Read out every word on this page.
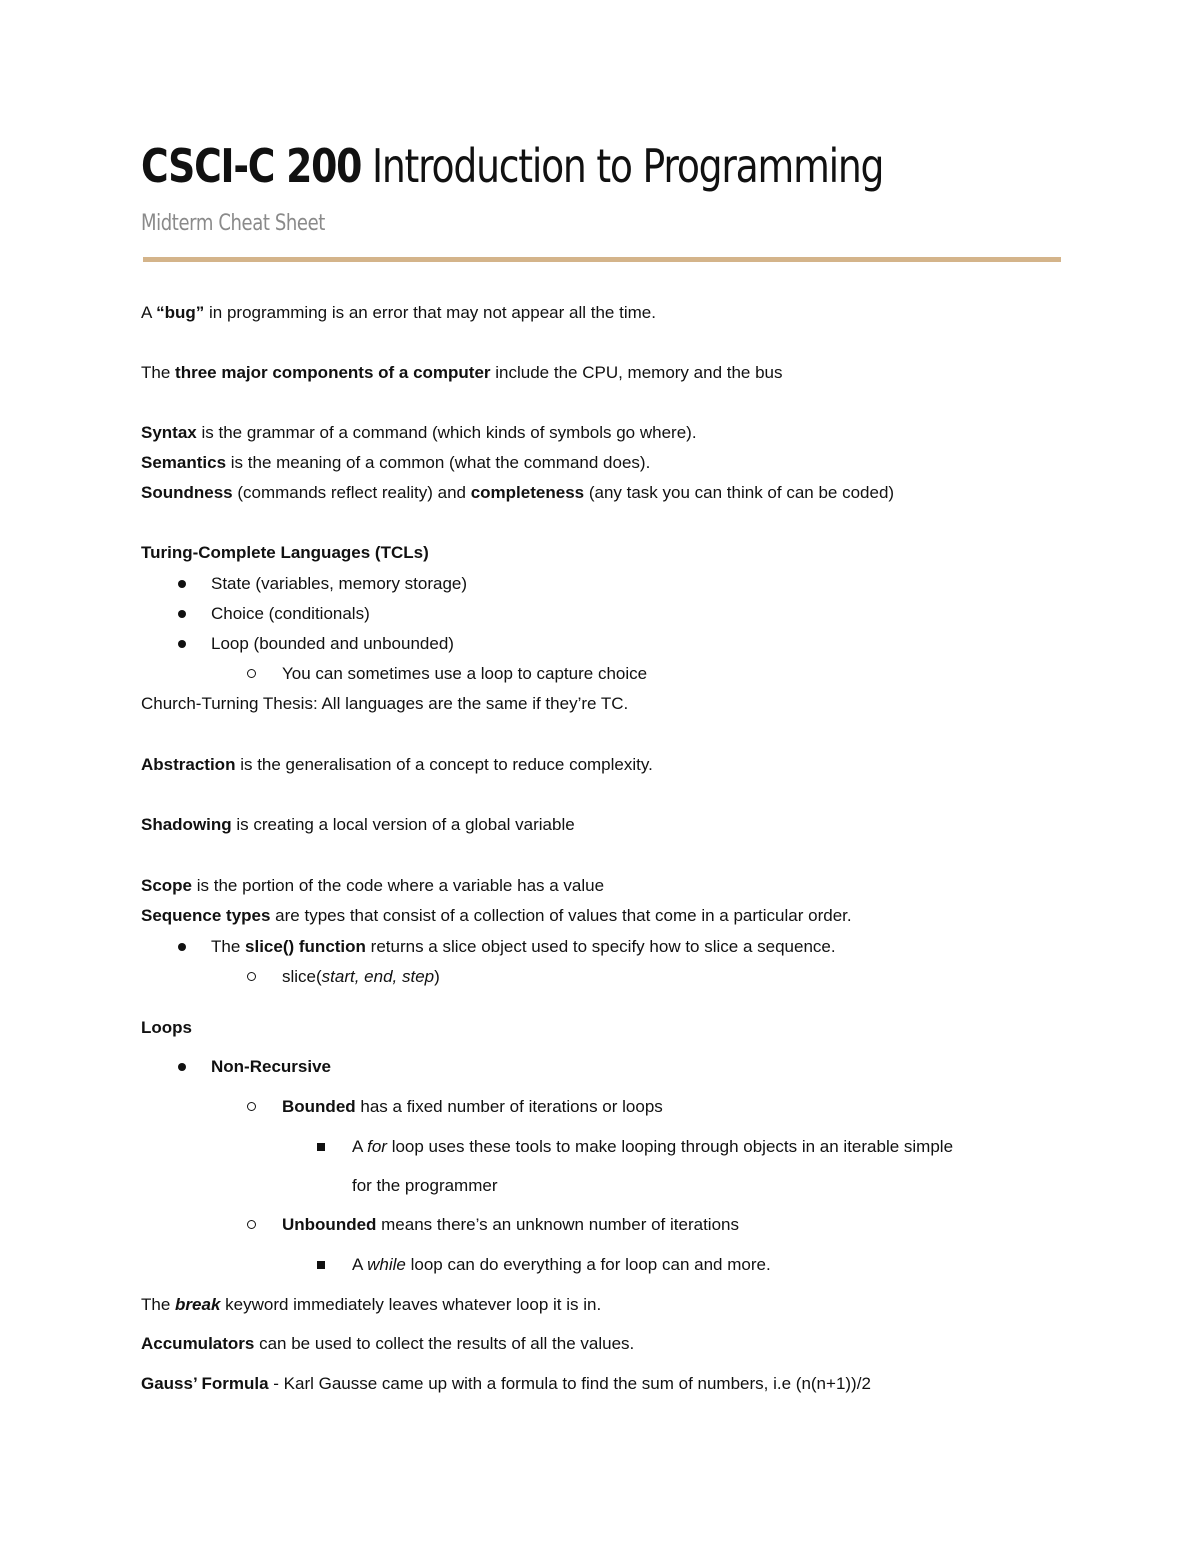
CSCI-C 200 Introduction to Programming
Midterm Cheat Sheet
A “bug” in programming is an error that may not appear all the time.
The three major components of a computer include the CPU, memory and the bus
Syntax is the grammar of a command (which kinds of symbols go where).
Semantics is the meaning of a common (what the command does).
Soundness (commands reflect reality) and completeness (any task you can think of can be coded)
Turing-Complete Languages (TCLs)
State (variables, memory storage)
Choice (conditionals)
Loop (bounded and unbounded)
You can sometimes use a loop to capture choice
Church-Turning Thesis: All languages are the same if they’re TC.
Abstraction is the generalisation of a concept to reduce complexity.
Shadowing is creating a local version of a global variable
Scope is the portion of the code where a variable has a value
Sequence types are types that consist of a collection of values that come in a particular order.
The slice() function returns a slice object used to specify how to slice a sequence.
slice(start, end, step)
Loops
Non-Recursive
Bounded has a fixed number of iterations or loops
A for loop uses these tools to make looping through objects in an iterable simple
for the programmer
Unbounded means there’s an unknown number of iterations
A while loop can do everything a for loop can and more.
The break keyword immediately leaves whatever loop it is in.
Accumulators can be used to collect the results of all the values.
Gauss’ Formula - Karl Gausse came up with a formula to find the sum of numbers, i.e (n(n+1))/2
